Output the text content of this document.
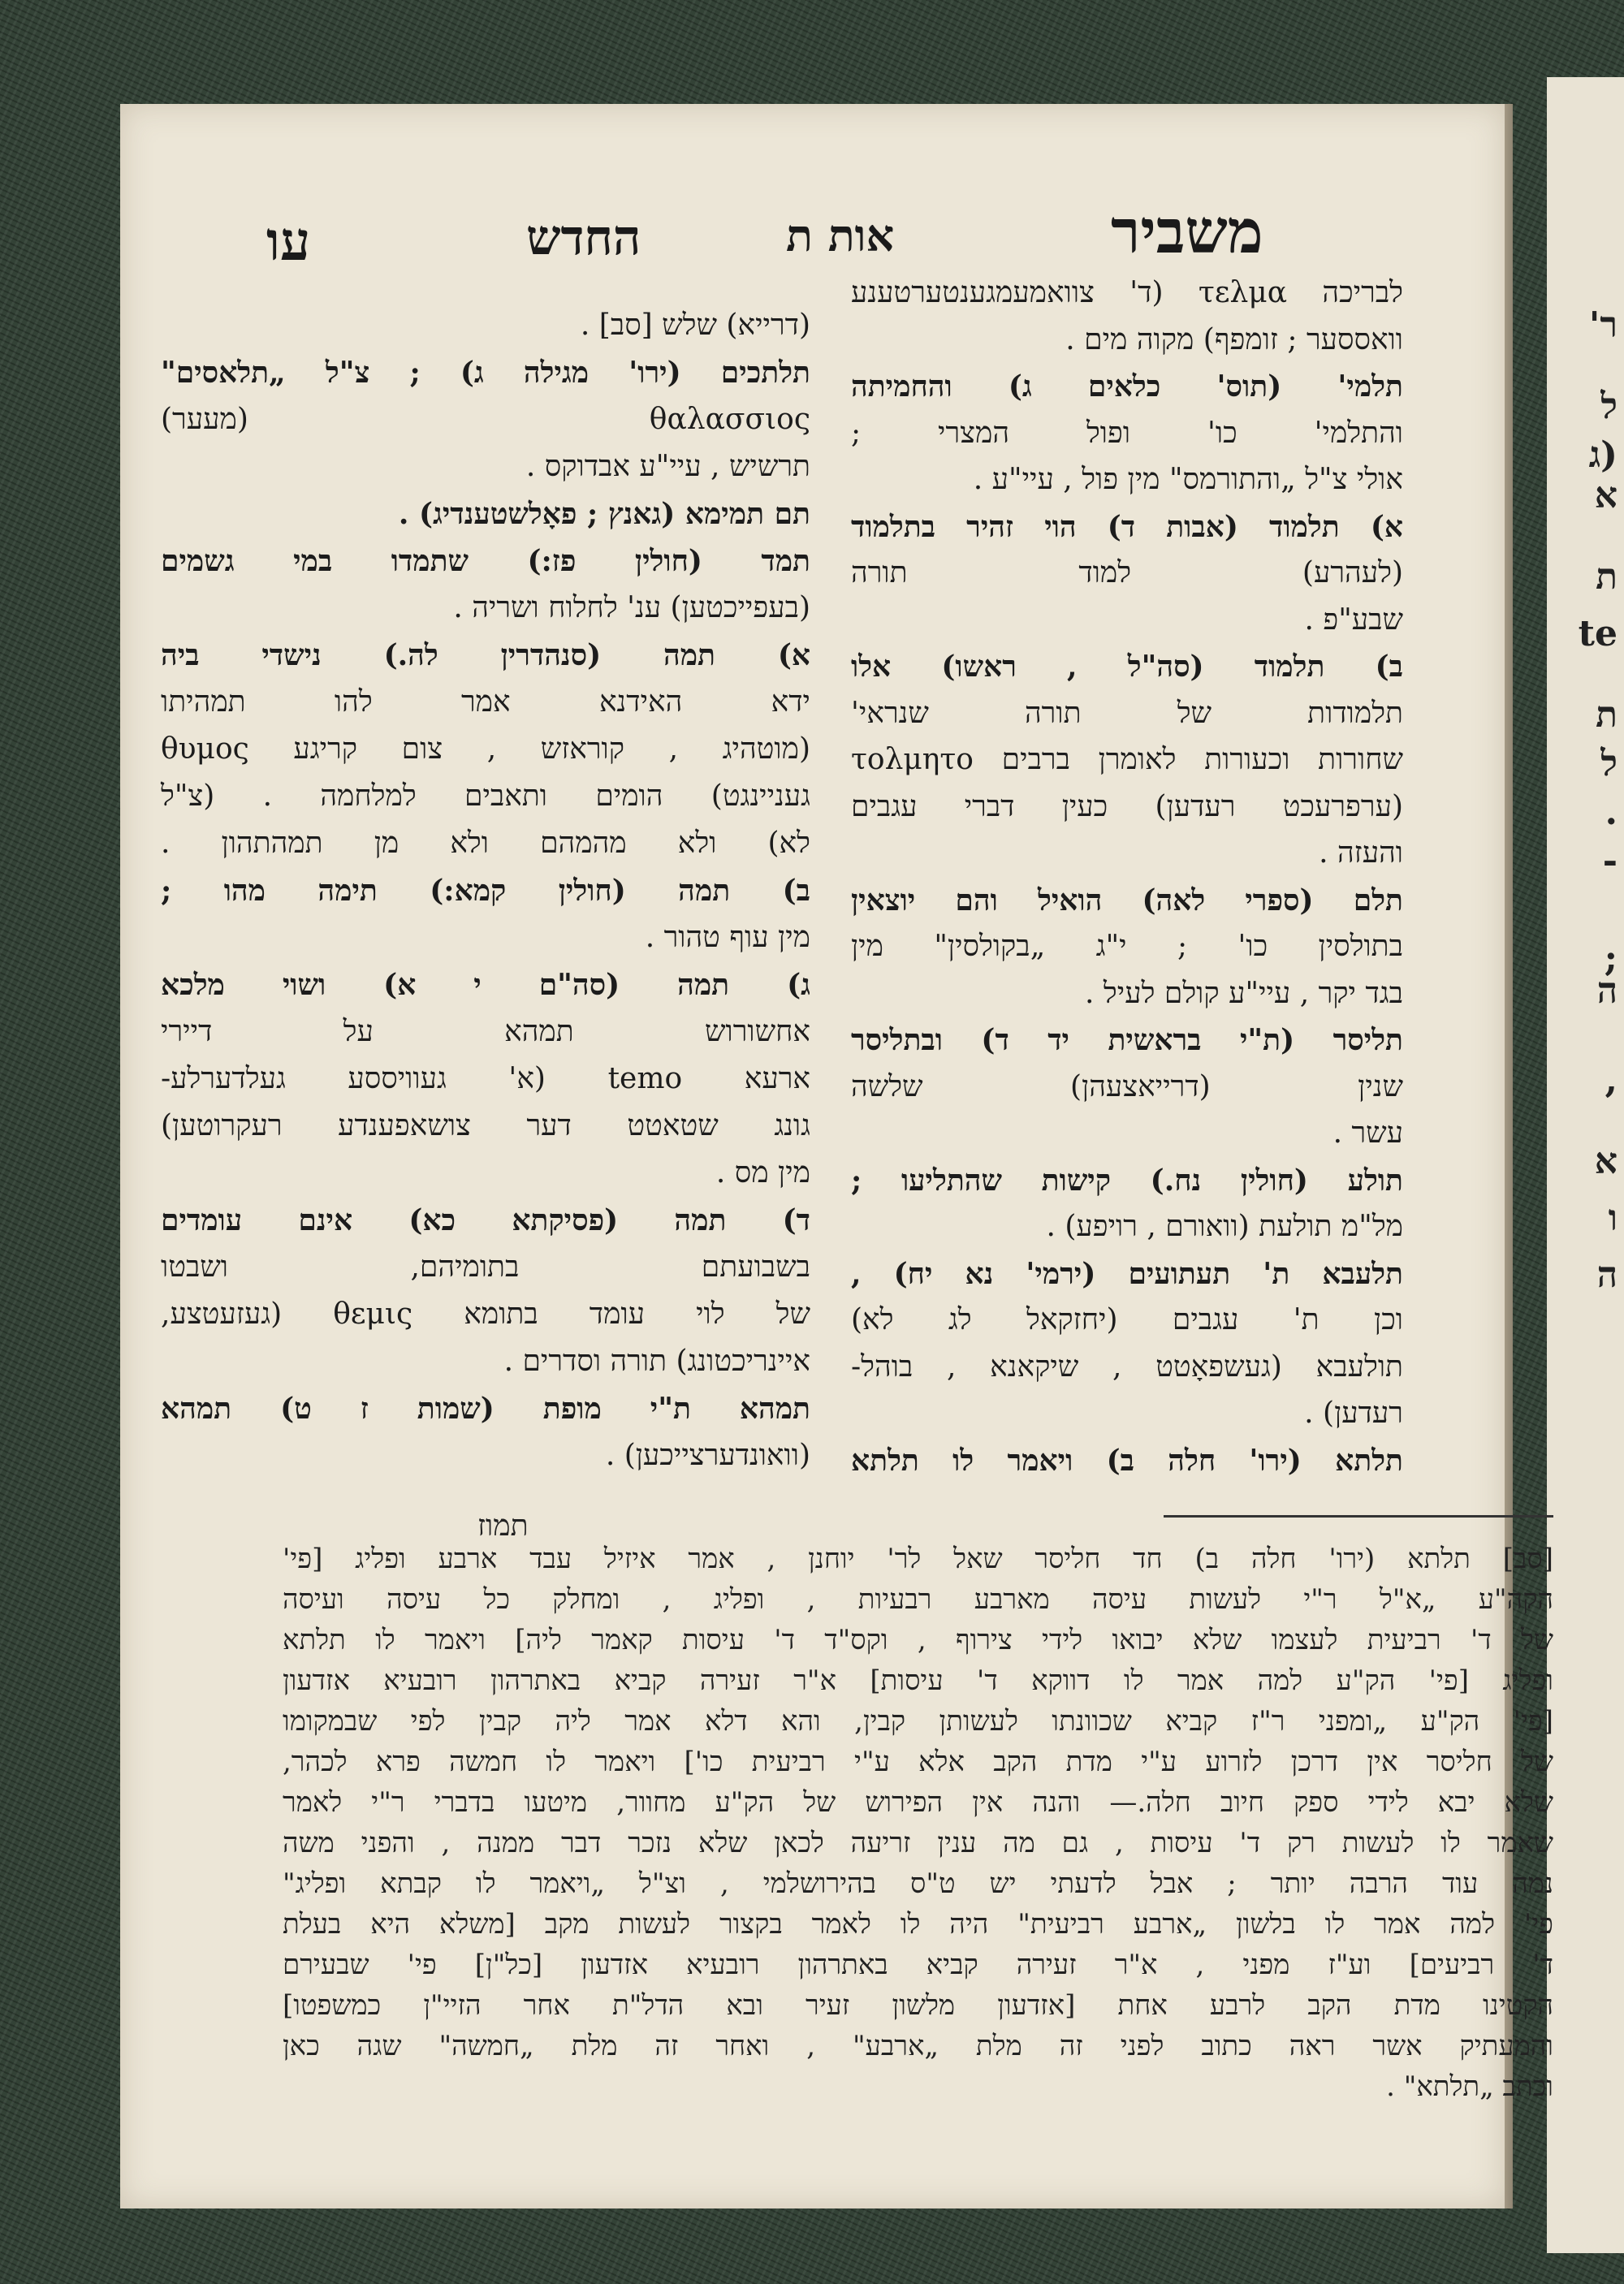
ר'
ל
(ג
א
ת
te
ת
ל
.
-
;
ה
,
א
ו
ה
משביר
אות ת
החדש
עו
לבריכה τελμα (ד' צוואמעמגענטערטענע
וואססער ; זומפף) מקוה מים .
תלמי' (תוס' כלאים ג) והחמיתה
והתלמי' כו' ופול המצרי ;
אולי צ"ל „והתורמס" מין פול , עיי"ע .
א) תלמוד (אבות ד) הוי זהיר בתלמוד
(לעהרע) למוד תורה
שבע"פ .
ב) תלמוד (סה"ל , ראשו) אלו
תלמודות של תורה שנראי'
שחורות וכעורות לאומרן ברבים τολμητο
(ערפרעכט רעדען) כעין דברי עגבים
והעזה .
תלם (ספרי לאה) הואיל והם יוצאין
בתולסין כו' ; י"ג „בקולסין" מין
בגד יקר , עיי"ע קולם לעיל .
תליסר (ת"י בראשית יד ד) ובתליסר
שנין (דרייאצעהן) שלשה
עשר .
תולע (חולין נח.) קישות שהתליעו ;
מל"מ תולעת (וואורם , רויפע) .
תלעבא ת' תעתועים (ירמי' נא יח) ,
וכן ת' עגבים (יחזקאל לג לא)
תולעבא (געשפאָטט , שיקאנא , בוהל-
רעדען) .
תלתא (ירו' חלה ב) ויאמר לו תלתא
(דרייא) שלש [סב] .
תלתכים (ירו' מגילה ג) ; צ"ל „תלאסים"
θαλασσιος (מעער)
תרשיש , עיי"ע אבדוקס .
תם תמימא (גאנץ ; פאָלשטענדיג) .
תמד (חולין פז:) שתמדו במי גשמים
(בעפייכטען) ענ' לחלוח ושריה .
א) תמה (סנהדרין לה.) נישדי ביה
ידא האידנא אמר להו תמהיתו
(מוטהיג , קוראזש , צום קריגע θυμος
געניינגט) הומים ותאבים למלחמה . (צ"ל
לא) ולא מהמהם ולא מן תמהתהון .
ב) תמה (חולין קמא:) תימה מהו ;
מין עוף טהור .
ג) תמה (סה"ם י א) ושוי מלכא
אחשורוש תמהא על דיירי
ארעא temo (א' געוויססע געלדערלע-
גונג שטאטט דער צושאפענדע רעקרוטען)
מין מס .
ד) תמה (פסיקתא כא) אינם עומדים
בשבועתם בתומיהם, ושבטו
של לוי עומד בתומא θεμις (געזעטצע,
איינריכטונג) תורה וסדרים .
תמהא ת"י מופת (שמות ז ט) תמהא
(וואונדערצייכען) .
תמוז
[סב] תלתא (ירו' חלה ב) חד חליסר שאל לר' יוחנן , אמר איזיל עבד ארבע ופליג [פי'
הקה"ע „א"ל ר"י לעשות עיסה מארבע רבעיות , ופליג , ומחלק כל עיסה ועיסה
של ד' רביעית לעצמו שלא יבואו לידי צירוף , וקס"ד ד' עיסות קאמר ליה] ויאמר לו תלתא
ופליג [פי' הק"ע למה אמר לו דווקא ד' עיסות] א"ר זעירה קביא באתרהון רובעיא אזדעון
[פי' הק"ע „ומפני ר"ז קביא שכוונתו לעשותן קבין, והא דלא אמר ליה קבין לפי שבמקומו
של חליסר אין דרכן לזרוע ע"י מדת הקב אלא ע"י רביעית כו'] ויאמר לו חמשה פרא לכהר,
שלא יבא לידי ספק חיוב חלה.— והנה אין הפירוש של הק"ע מחוור, מיטעו בדברי ר"י לאמר
שאמר לו לעשות רק ד' עיסות , גם מה ענין זריעה לכאן שלא נזכר דבר ממנה , והפני משה
נמה עוד הרבה יותר ; אבל לדעתי יש ט"ס בהירושלמי , וצ"ל „ויאמר לו קבתא ופליג"
פי' למה אמר לו בלשון „ארבע רביעית" היה לו לאמר בקצור לעשות מקב [משלא היא בעלת
ד' רביעים] וע"ז מפני , א"ר זעירה קביא באתרהון רובעיא אזדעון [כל"ן] פי' שבעירם
הקטינו מדת הקב לרבע אחת [אזדעון מלשון זעיר ובא הדל"ת אחר הזיי"ן כמשפטו]
והמעתיק אשר ראה כתוב לפני זה מלת „ארבע" , ואחר זה מלת „חמשה" שגה כאן
וכתב „תלתא" .
